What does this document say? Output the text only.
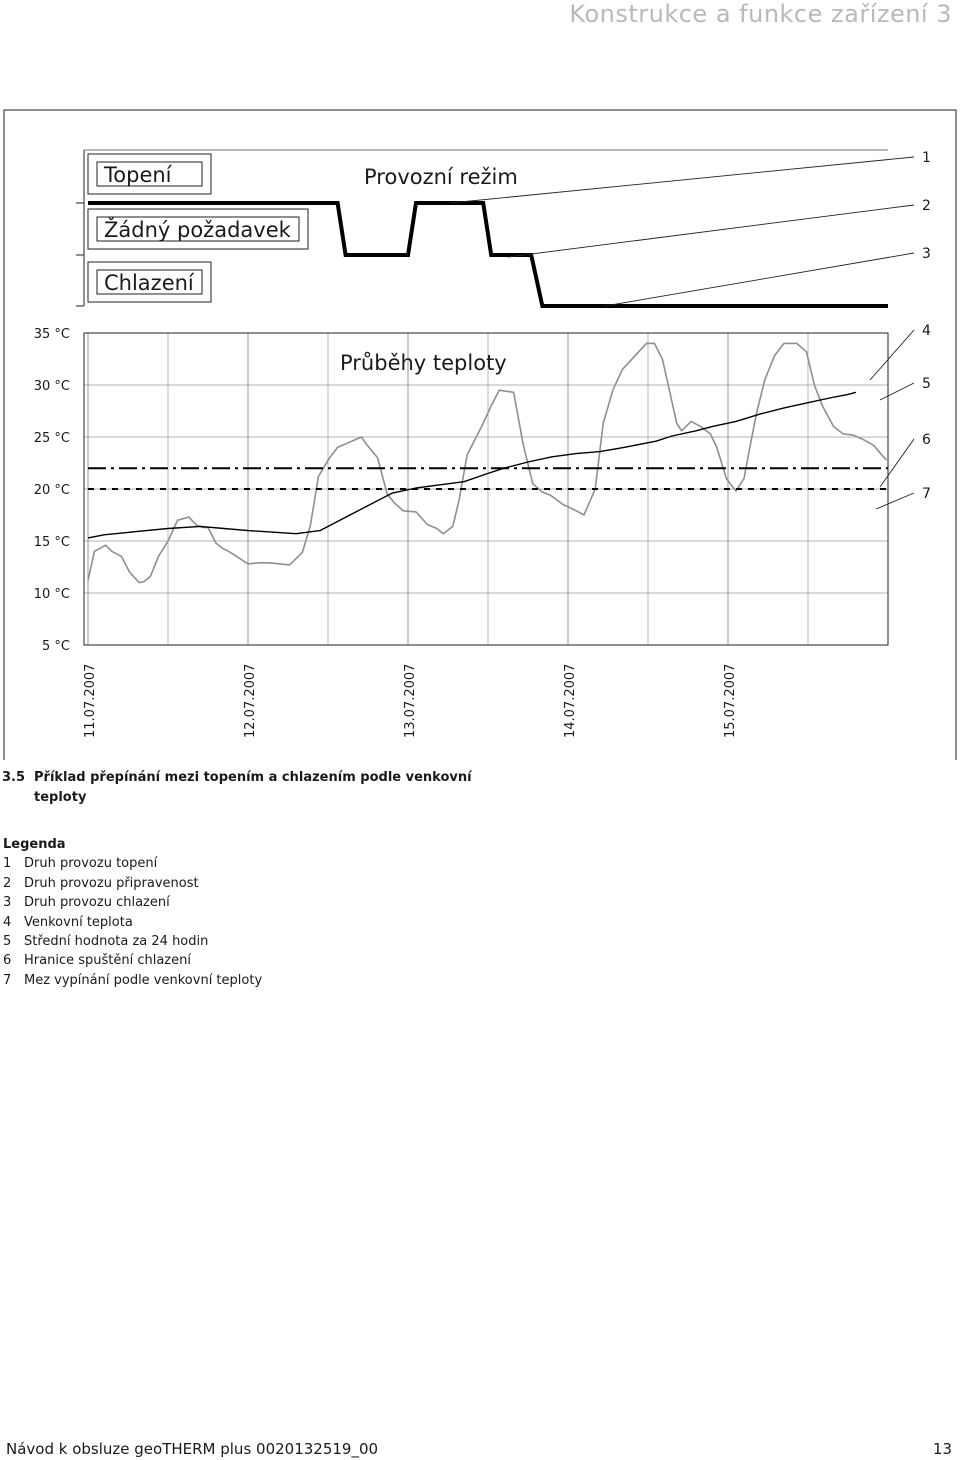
Konstrukce a funkce zařízení 3
Topení
Žádný požadavek
Chlazení
Provozní režim
35 °C
30 °C
25 °C
20 °C
15 °C
10 °C
5 °C
Průběhy teploty
11.07.2007	12.07.2007	13.07.2007	14.07.2007	15.07.2007
1
2
3
4
5
6
7
3.5 Příklad přepínání mezi topením a chlazením podle venkovní
teploty
Legenda
1 Druh provozu topení
2 Druh provozu připravenost
3 Druh provozu chlazení
4 Venkovní teplota
5 Střední hodnota za 24 hodin
6 Hranice spuštění chlazení
7 Mez vypínání podle venkovní teploty
Návod k obsluze geoTHERM plus 0020132519_00	13
